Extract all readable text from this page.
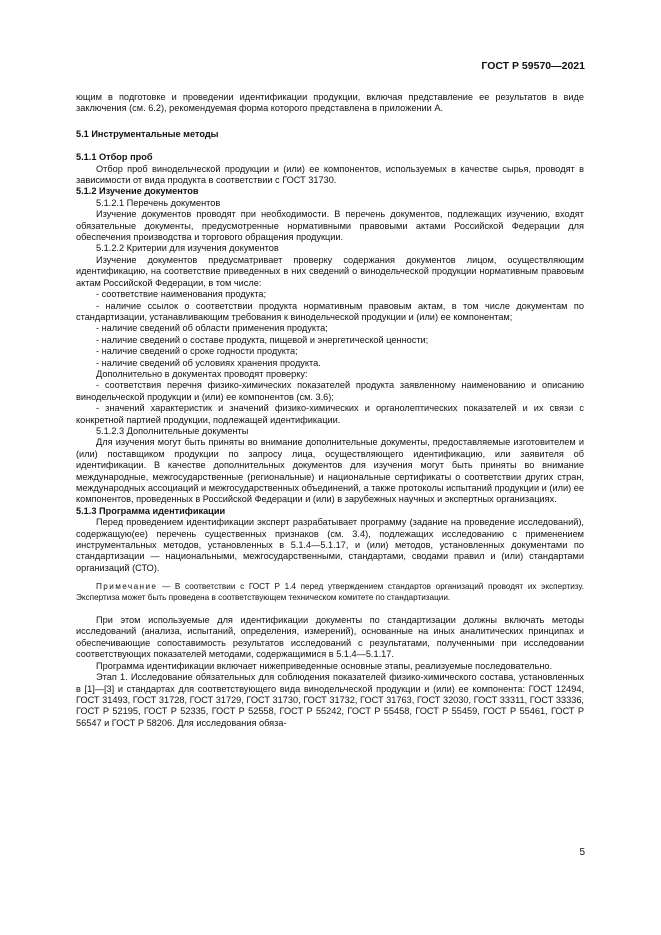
ГОСТ Р 59570—2021

ющим в подготовке и проведении идентификации продукции, включая представление ее результатов в виде заключения (см. 6.2), рекомендуемая форма которого представлена в приложении А.

5.1 Инструментальные методы

5.1.1 Отбор проб

Отбор проб винодельческой продукции и (или) ее компонентов, используемых в качестве сырья, проводят в зависимости от вида продукта в соответствии с ГОСТ 31730.

5.1.2 Изучение документов

5.1.2.1 Перечень документов

Изучение документов проводят при необходимости. В перечень документов, подлежащих изучению, входят обязательные документы, предусмотренные нормативными правовыми актами Российской Федерации для обеспечения производства и торгового обращения продукции.

5.1.2.2 Критерии для изучения документов

Изучение документов предусматривает проверку содержания документов лицом, осуществляющим идентификацию, на соответствие приведенных в них сведений о винодельческой продукции нормативным правовым актам Российской Федерации, в том числе:

- соответствие наименования продукта;

- наличие ссылок о соответствии продукта нормативным правовым актам, в том числе документам по стандартизации, устанавливающим требования к винодельческой продукции и (или) ее компонентам;

- наличие сведений об области применения продукта;

- наличие сведений о составе продукта, пищевой и энергетической ценности;

- наличие сведений о сроке годности продукта;

- наличие сведений об условиях хранения продукта.

Дополнительно в документах проводят проверку:

- соответствия перечня физико-химических показателей продукта заявленному наименованию и описанию винодельческой продукции и (или) ее компонентов (см. 3.6);

- значений характеристик и значений физико-химических и органолептических показателей и их связи с конкретной партией продукции, подлежащей идентификации.

5.1.2.3 Дополнительные документы

Для изучения могут быть приняты во внимание дополнительные документы, предоставляемые изготовителем и (или) поставщиком продукции по запросу лица, осуществляющего идентификацию, или заявителя об идентификации. В качестве дополнительных документов для изучения могут быть приняты во внимание международные, межгосударственные (региональные) и национальные сертификаты о соответствии других стран, международных ассоциаций и межгосударственных объединений, а также протоколы испытаний продукции и (или) ее компонентов, проведенных в Российской Федерации и (или) в зарубежных научных и экспертных организациях.

5.1.3 Программа идентификации

Перед проведением идентификации эксперт разрабатывает программу (задание на проведение исследований), содержащую(ее) перечень существенных признаков (см. 3.4), подлежащих исследованию с применением инструментальных методов, установленных в 5.1.4—5.1.17, и (или) методов, установленных документами по стандартизации — национальными, межгосударственными, стандартами, сводами правил и (или) стандартами организаций (СТО).

Примечание — В соответствии с ГОСТ Р 1.4 перед утверждением стандартов организаций проводят их экспертизу. Экспертиза может быть проведена в соответствующем техническом комитете по стандартизации.

При этом используемые для идентификации документы по стандартизации должны включать методы исследований (анализа, испытаний, определения, измерений), основанные на иных аналитических принципах и обеспечивающие сопоставимость результатов исследований с результатами, полученными при исследовании соответствующих показателей методами, содержащимися в 5.1.4—5.1.17.

Программа идентификации включает нижеприведенные основные этапы, реализуемые последовательно.

Этап 1. Исследование обязательных для соблюдения показателей физико-химического состава, установленных в [1]—[3] и стандартах для соответствующего вида винодельческой продукции и (или) ее компонента: ГОСТ 12494, ГОСТ 31493, ГОСТ 31728, ГОСТ 31729, ГОСТ 31730, ГОСТ 31732, ГОСТ 31763, ГОСТ 32030, ГОСТ 33311, ГОСТ 33336, ГОСТ Р 52195, ГОСТ Р 52335, ГОСТ Р 52558, ГОСТ Р 55242, ГОСТ Р 55458, ГОСТ Р 55459, ГОСТ Р 55461, ГОСТ Р 56547 и ГОСТ Р 58206. Для исследования обяза-

5
